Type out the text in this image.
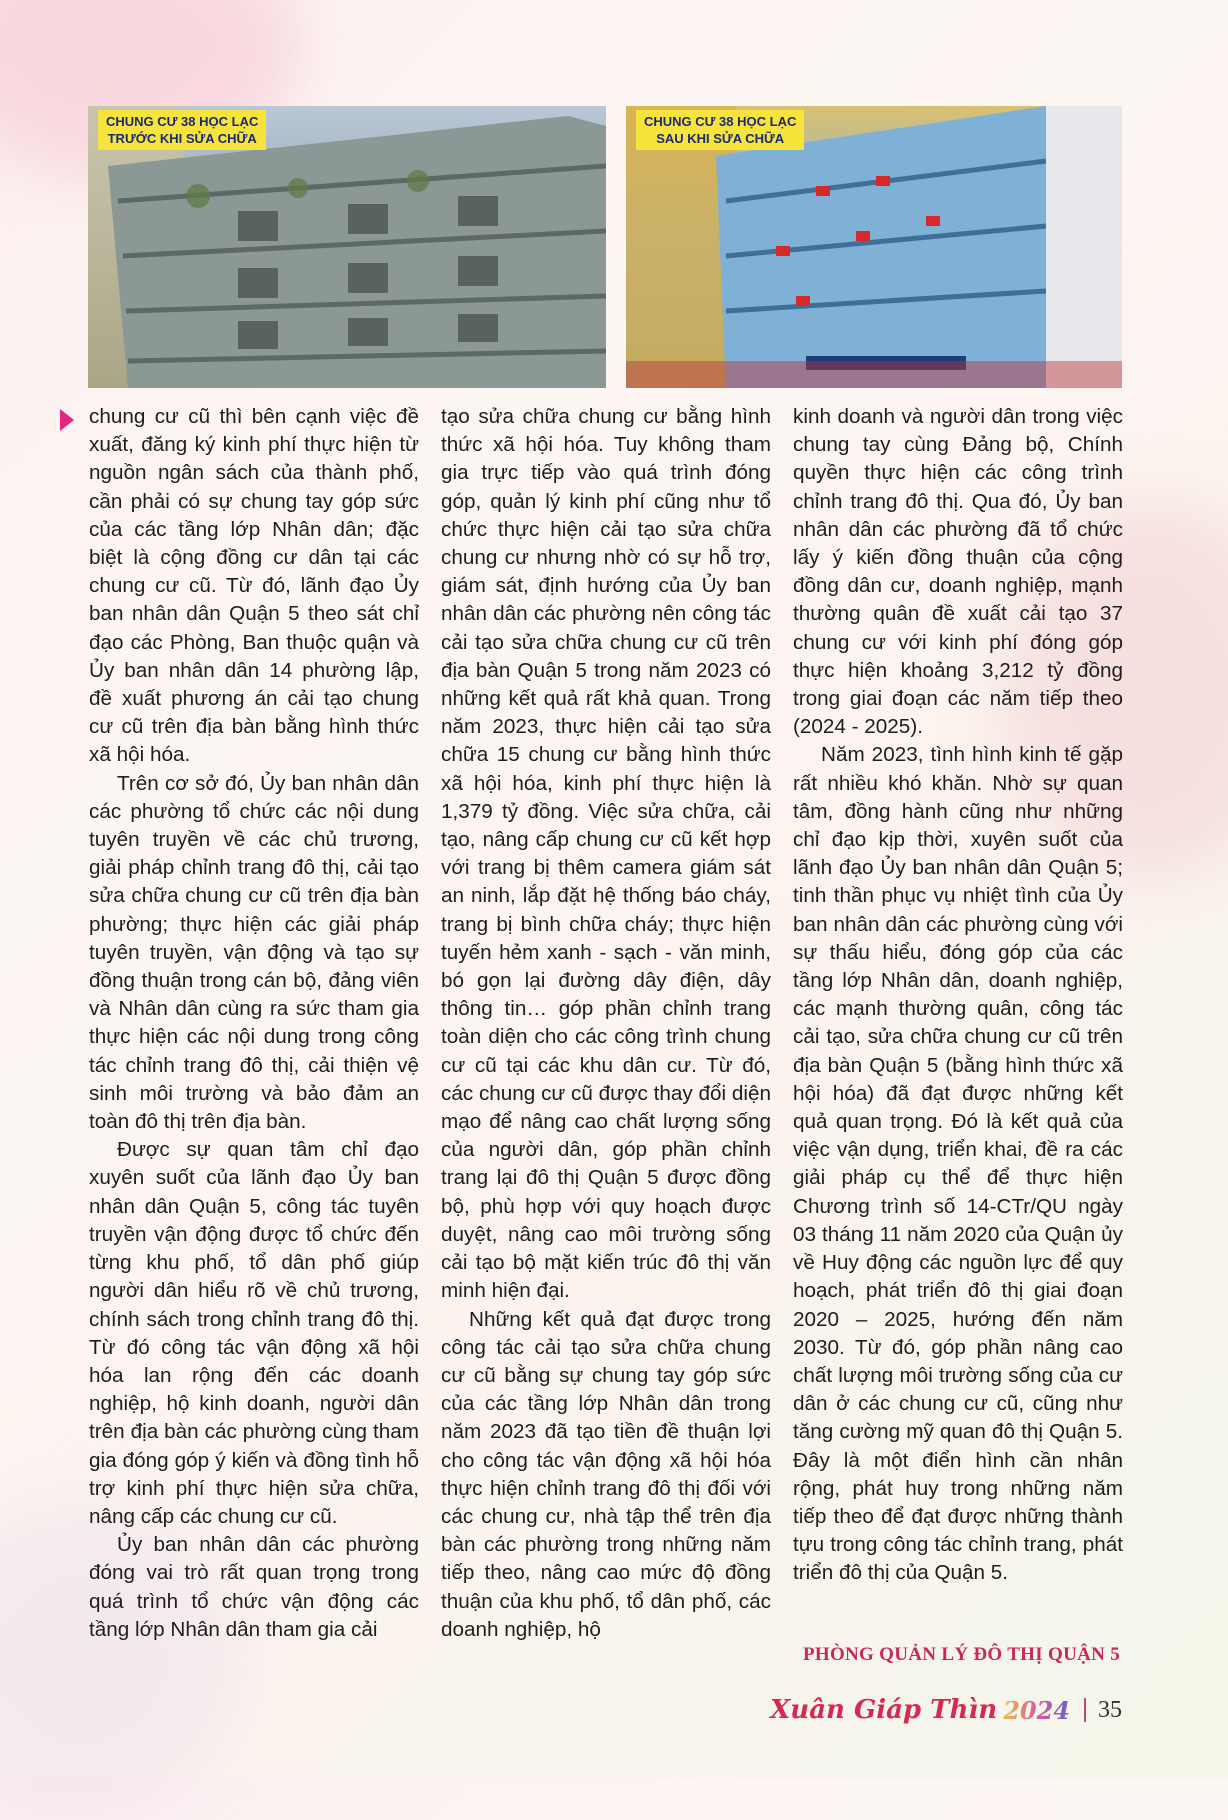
CHUNG CƯ 38 HỌC LẠC
TRƯỚC KHI SỬA CHỮA
CHUNG CƯ 38 HỌC LẠC
SAU KHI SỬA CHỮA

chung cư cũ thì bên cạnh việc đề xuất, đăng ký kinh phí thực hiện từ nguồn ngân sách của thành phố, cần phải có sự chung tay góp sức của các tầng lớp Nhân dân; đặc biệt là cộng đồng cư dân tại các chung cư cũ. Từ đó, lãnh đạo Ủy ban nhân dân Quận 5 theo sát chỉ đạo các Phòng, Ban thuộc quận và Ủy ban nhân dân 14 phường lập, đề xuất phương án cải tạo chung cư cũ trên địa bàn bằng hình thức xã hội hóa.

Trên cơ sở đó, Ủy ban nhân dân các phường tổ chức các nội dung tuyên truyền về các chủ trương, giải pháp chỉnh trang đô thị, cải tạo sửa chữa chung cư cũ trên địa bàn phường; thực hiện các giải pháp tuyên truyền, vận động và tạo sự đồng thuận trong cán bộ, đảng viên và Nhân dân cùng ra sức tham gia thực hiện các nội dung trong công tác chỉnh trang đô thị, cải thiện vệ sinh môi trường và bảo đảm an toàn đô thị trên địa bàn.

Được sự quan tâm chỉ đạo xuyên suốt của lãnh đạo Ủy ban nhân dân Quận 5, công tác tuyên truyền vận động được tổ chức đến từng khu phố, tổ dân phố giúp người dân hiểu rõ về chủ trương, chính sách trong chỉnh trang đô thị. Từ đó công tác vận động xã hội hóa lan rộng đến các doanh nghiệp, hộ kinh doanh, người dân trên địa bàn các phường cùng tham gia đóng góp ý kiến và đồng tình hỗ trợ kinh phí thực hiện sửa chữa, nâng cấp các chung cư cũ.

Ủy ban nhân dân các phường đóng vai trò rất quan trọng trong quá trình tổ chức vận động các tầng lớp Nhân dân tham gia cải

tạo sửa chữa chung cư bằng hình thức xã hội hóa. Tuy không tham gia trực tiếp vào quá trình đóng góp, quản lý kinh phí cũng như tổ chức thực hiện cải tạo sửa chữa chung cư nhưng nhờ có sự hỗ trợ, giám sát, định hướng của Ủy ban nhân dân các phường nên công tác cải tạo sửa chữa chung cư cũ trên địa bàn Quận 5 trong năm 2023 có những kết quả rất khả quan. Trong năm 2023, thực hiện cải tạo sửa chữa 15 chung cư bằng hình thức xã hội hóa, kinh phí thực hiện là 1,379 tỷ đồng. Việc sửa chữa, cải tạo, nâng cấp chung cư cũ kết hợp với trang bị thêm camera giám sát an ninh, lắp đặt hệ thống báo cháy, trang bị bình chữa cháy; thực hiện tuyến hẻm xanh - sạch - văn minh, bó gọn lại đường dây điện, dây thông tin… góp phần chỉnh trang toàn diện cho các công trình chung cư cũ tại các khu dân cư. Từ đó, các chung cư cũ được thay đổi diện mạo để nâng cao chất lượng sống của người dân, góp phần chỉnh trang lại đô thị Quận 5 được đồng bộ, phù hợp với quy hoạch được duyệt, nâng cao môi trường sống cải tạo bộ mặt kiến trúc đô thị văn minh hiện đại.

Những kết quả đạt được trong công tác cải tạo sửa chữa chung cư cũ bằng sự chung tay góp sức của các tầng lớp Nhân dân trong năm 2023 đã tạo tiền đề thuận lợi cho công tác vận động xã hội hóa thực hiện chỉnh trang đô thị đối với các chung cư, nhà tập thể trên địa bàn các phường trong những năm tiếp theo, nâng cao mức độ đồng thuận của khu phố, tổ dân phố, các doanh nghiệp, hộ

kinh doanh và người dân trong việc chung tay cùng Đảng bộ, Chính quyền thực hiện các công trình chỉnh trang đô thị. Qua đó, Ủy ban nhân dân các phường đã tổ chức lấy ý kiến đồng thuận của cộng đồng dân cư, doanh nghiệp, mạnh thường quân đề xuất cải tạo 37 chung cư với kinh phí đóng góp thực hiện khoảng 3,212 tỷ đồng trong giai đoạn các năm tiếp theo (2024 - 2025).

Năm 2023, tình hình kinh tế gặp rất nhiều khó khăn. Nhờ sự quan tâm, đồng hành cũng như những chỉ đạo kịp thời, xuyên suốt của lãnh đạo Ủy ban nhân dân Quận 5; tinh thần phục vụ nhiệt tình của Ủy ban nhân dân các phường cùng với sự thấu hiểu, đóng góp của các tầng lớp Nhân dân, doanh nghiệp, các mạnh thường quân, công tác cải tạo, sửa chữa chung cư cũ trên địa bàn Quận 5 (bằng hình thức xã hội hóa) đã đạt được những kết quả quan trọng. Đó là kết quả của việc vận dụng, triển khai, đề ra các giải pháp cụ thể để thực hiện Chương trình số 14-CTr/QU ngày 03 tháng 11 năm 2020 của Quận ủy về Huy động các nguồn lực để quy hoạch, phát triển đô thị giai đoạn 2020 – 2025, hướng đến năm 2030. Từ đó, góp phần nâng cao chất lượng môi trường sống của cư dân ở các chung cư cũ, cũng như tăng cường mỹ quan đô thị Quận 5. Đây là một điển hình cần nhân rộng, phát huy trong những năm tiếp theo để đạt được những thành tựu trong công tác chỉnh trang, phát triển đô thị của Quận 5.

PHÒNG QUẢN LÝ ĐÔ THỊ QUẬN 5
Xuân Giáp Thìn 2024 35
